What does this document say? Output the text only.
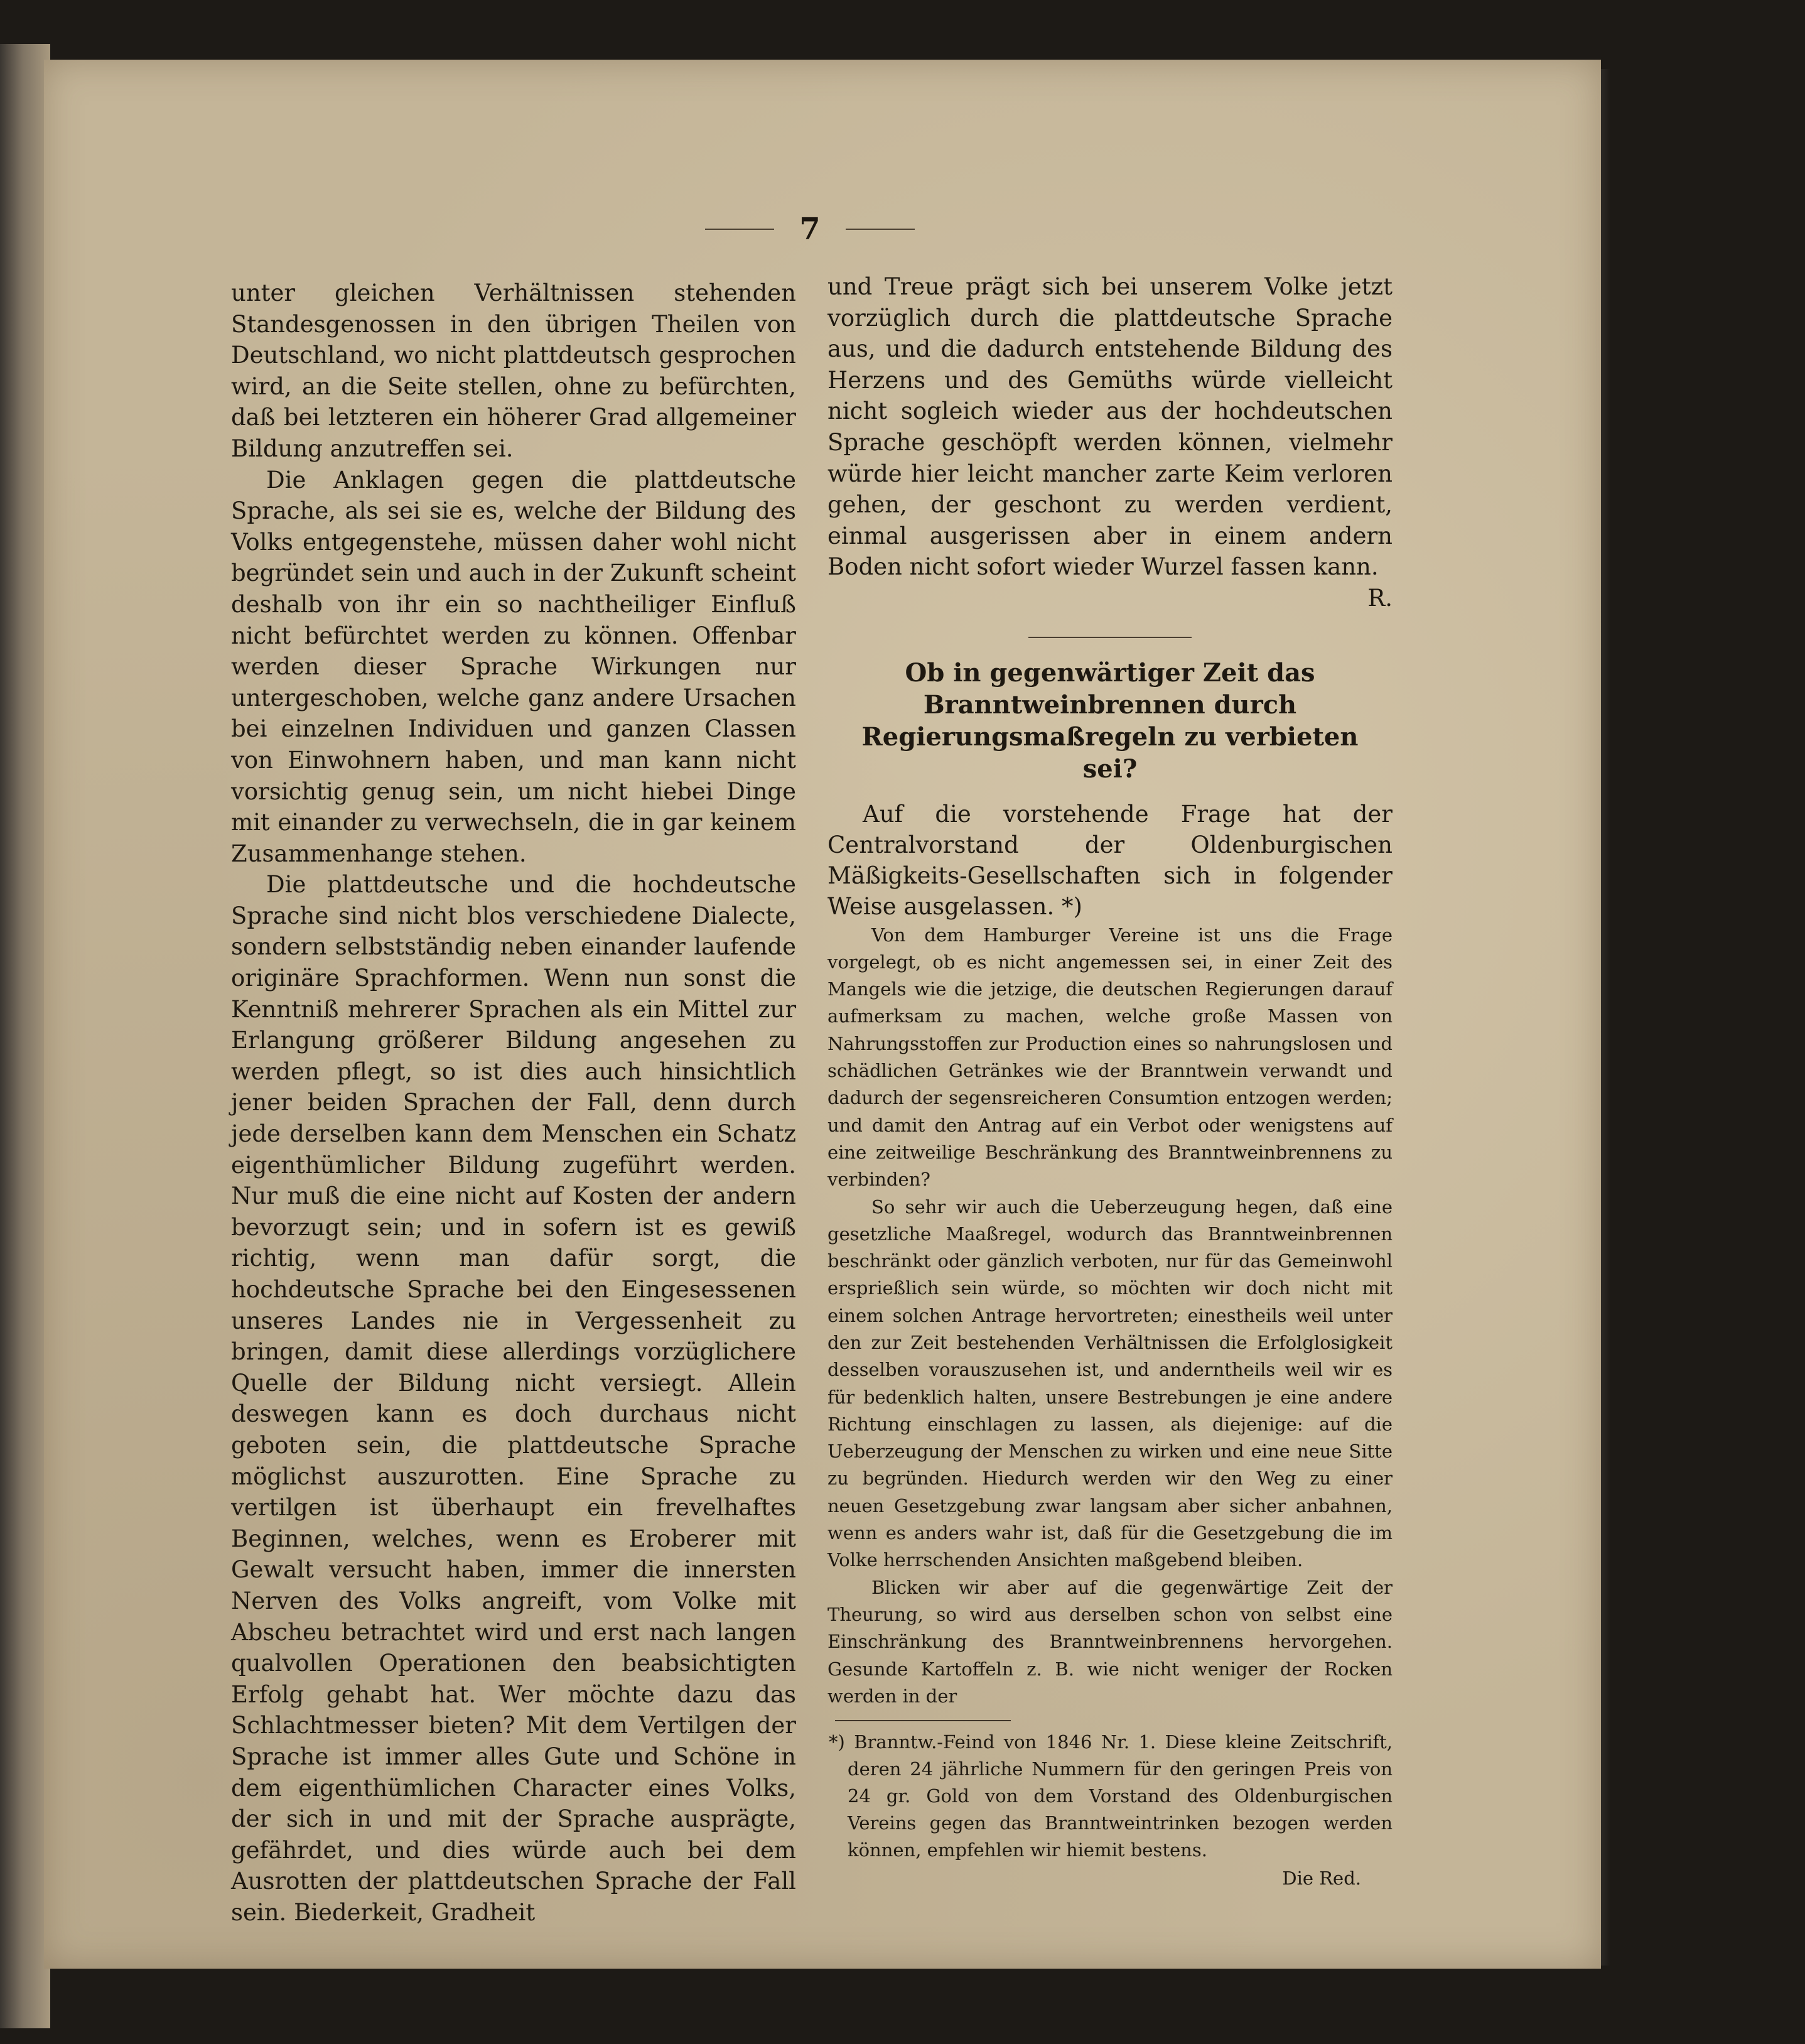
7

unter gleichen Verhältnissen stehenden Standesgenossen in den übrigen Theilen von Deutschland, wo nicht plattdeutsch gesprochen wird, an die Seite stellen, ohne zu befürchten, daß bei letzteren ein höherer Grad allgemeiner Bildung anzutreffen sei.

Die Anklagen gegen die plattdeutsche Sprache, als sei sie es, welche der Bildung des Volks entgegenstehe, müssen daher wohl nicht begründet sein und auch in der Zukunft scheint deshalb von ihr ein so nachtheiliger Einfluß nicht befürchtet werden zu können. Offenbar werden dieser Sprache Wirkungen nur untergeschoben, welche ganz andere Ursachen bei einzelnen Individuen und ganzen Classen von Einwohnern haben, und man kann nicht vorsichtig genug sein, um nicht hiebei Dinge mit einander zu verwechseln, die in gar keinem Zusammenhange stehen.

Die plattdeutsche und die hochdeutsche Sprache sind nicht blos verschiedene Dialecte, sondern selbstständig neben einander laufende originäre Sprachformen. Wenn nun sonst die Kenntniß mehrerer Sprachen als ein Mittel zur Erlangung größerer Bildung angesehen zu werden pflegt, so ist dies auch hinsichtlich jener beiden Sprachen der Fall, denn durch jede derselben kann dem Menschen ein Schatz eigenthümlicher Bildung zugeführt werden. Nur muß die eine nicht auf Kosten der andern bevorzugt sein; und in sofern ist es gewiß richtig, wenn man dafür sorgt, die hochdeutsche Sprache bei den Eingesessenen unseres Landes nie in Vergessenheit zu bringen, damit diese allerdings vorzüglichere Quelle der Bildung nicht versiegt. Allein deswegen kann es doch durchaus nicht geboten sein, die plattdeutsche Sprache möglichst auszurotten. Eine Sprache zu vertilgen ist überhaupt ein frevelhaftes Beginnen, welches, wenn es Eroberer mit Gewalt versucht haben, immer die innersten Nerven des Volks angreift, vom Volke mit Abscheu betrachtet wird und erst nach langen qualvollen Operationen den beabsichtigten Erfolg gehabt hat. Wer möchte dazu das Schlachtmesser bieten? Mit dem Vertilgen der Sprache ist immer alles Gute und Schöne in dem eigenthümlichen Character eines Volks, der sich in und mit der Sprache ausprägte, gefährdet, und dies würde auch bei dem Ausrotten der plattdeutschen Sprache der Fall sein. Biederkeit, Gradheit

und Treue prägt sich bei unserem Volke jetzt vorzüglich durch die plattdeutsche Sprache aus, und die dadurch entstehende Bildung des Herzens und des Gemüths würde vielleicht nicht sogleich wieder aus der hochdeutschen Sprache geschöpft werden können, vielmehr würde hier leicht mancher zarte Keim verloren gehen, der geschont zu werden verdient, einmal ausgerissen aber in einem andern Boden nicht sofort wieder Wurzel fassen kann.

R.

Ob in gegenwärtiger Zeit das Branntweinbrennen durch Regierungsmaßregeln zu verbieten sei?

Auf die vorstehende Frage hat der Centralvorstand der Oldenburgischen Mäßigkeits-Gesellschaften sich in folgender Weise ausgelassen. *)

Von dem Hamburger Vereine ist uns die Frage vorgelegt, ob es nicht angemessen sei, in einer Zeit des Mangels wie die jetzige, die deutschen Regierungen darauf aufmerksam zu machen, welche große Massen von Nahrungsstoffen zur Production eines so nahrungslosen und schädlichen Getränkes wie der Branntwein verwandt und dadurch der segensreicheren Consumtion entzogen werden; und damit den Antrag auf ein Verbot oder wenigstens auf eine zeitweilige Beschränkung des Branntweinbrennens zu verbinden?

So sehr wir auch die Ueberzeugung hegen, daß eine gesetzliche Maaßregel, wodurch das Branntweinbrennen beschränkt oder gänzlich verboten, nur für das Gemeinwohl ersprießlich sein würde, so möchten wir doch nicht mit einem solchen Antrage hervortreten; einestheils weil unter den zur Zeit bestehenden Verhältnissen die Erfolglosigkeit desselben vorauszusehen ist, und anderntheils weil wir es für bedenklich halten, unsere Bestrebungen je eine andere Richtung einschlagen zu lassen, als diejenige: auf die Ueberzeugung der Menschen zu wirken und eine neue Sitte zu begründen. Hiedurch werden wir den Weg zu einer neuen Gesetzgebung zwar langsam aber sicher anbahnen, wenn es anders wahr ist, daß für die Gesetzgebung die im Volke herrschenden Ansichten maßgebend bleiben.

Blicken wir aber auf die gegenwärtige Zeit der Theurung, so wird aus derselben schon von selbst eine Einschränkung des Branntweinbrennens hervorgehen. Gesunde Kartoffeln z. B. wie nicht weniger der Rocken werden in der

*) Branntw.-Feind von 1846 Nr. 1. Diese kleine Zeitschrift, deren 24 jährliche Nummern für den geringen Preis von 24 gr. Gold von dem Vorstand des Oldenburgischen Vereins gegen das Branntweintrinken bezogen werden können, empfehlen wir hiemit bestens.

Die Red.
